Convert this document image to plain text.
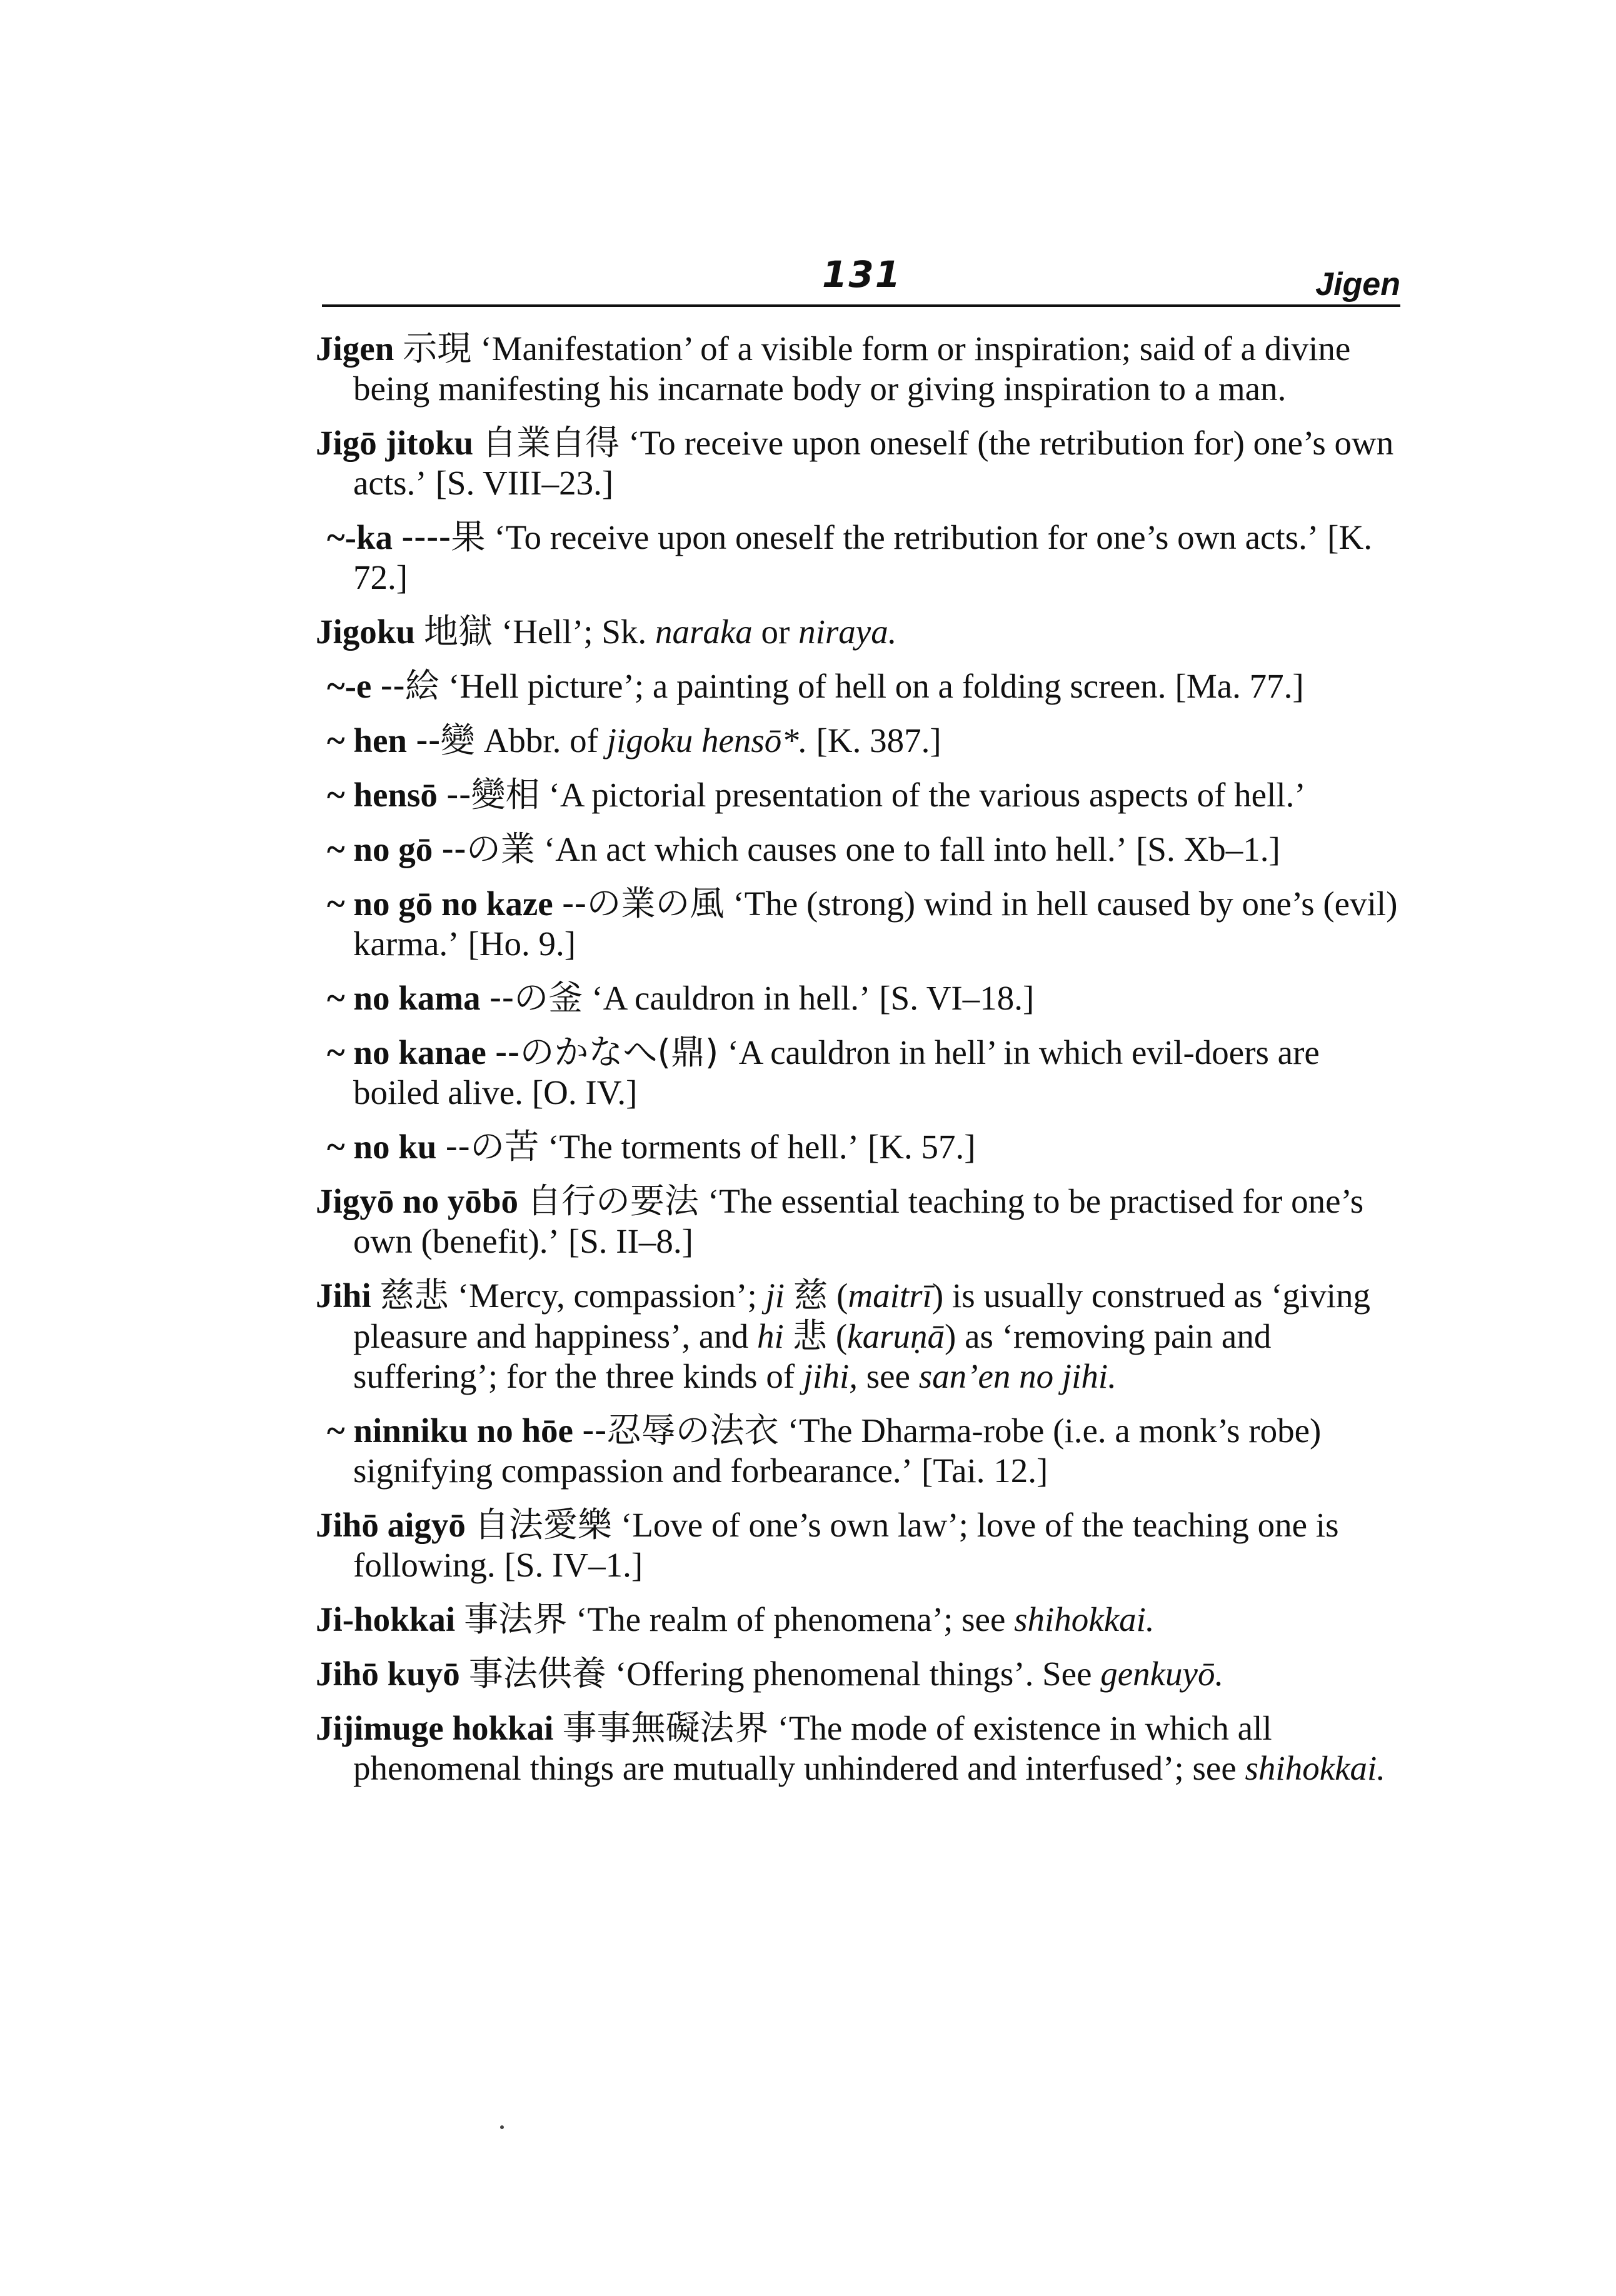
131	Jigen

Jigen 示現 ‘Manifestation’ of a visible form or inspiration; said of a divine being manifesting his incarnate body or giving inspiration to a man.

Jigō jitoku 自業自得 ‘To receive upon oneself (the retribution for) one’s own acts.’ [S. VIII–23.]

~-ka ----果 ‘To receive upon oneself the retribution for one’s own acts.’ [K. 72.]

Jigoku 地獄 ‘Hell’; Sk. naraka or niraya.

~-e --絵 ‘Hell picture’; a painting of hell on a folding screen. [Ma. 77.]

~ hen --變 Abbr. of jigoku hensō*. [K. 387.]

~ hensō --變相 ‘A pictorial presentation of the various aspects of hell.’

~ no gō --の業 ‘An act which causes one to fall into hell.’ [S. Xb–1.]

~ no gō no kaze --の業の風 ‘The (strong) wind in hell caused by one’s (evil) karma.’ [Ho. 9.]

~ no kama --の釜 ‘A cauldron in hell.’ [S. VI–18.]

~ no kanae --のかなへ(鼎) ‘A cauldron in hell’ in which evil-doers are boiled alive. [O. IV.]

~ no ku --の苦 ‘The torments of hell.’ [K. 57.]

Jigyō no yōbō 自行の要法 ‘The essential teaching to be practised for one’s own (benefit).’ [S. II–8.]

Jihi 慈悲 ‘Mercy, compassion’; ji 慈 (maitrī) is usually construed as ‘giving pleasure and happiness’, and hi 悲 (karuṇā) as ‘removing pain and suffering’; for the three kinds of jihi, see san’en no jihi.

~ ninniku no hōe --忍辱の法衣 ‘The Dharma-robe (i.e. a monk’s robe) signifying compassion and forbearance.’ [Tai. 12.]

Jihō aigyō 自法愛樂 ‘Love of one’s own law’; love of the teaching one is following. [S. IV–1.]

Ji-hokkai 事法界 ‘The realm of phenomena’; see shihokkai.

Jihō kuyō 事法供養 ‘Offering phenomenal things’. See genkuyō.

Jijimuge hokkai 事事無礙法界 ‘The mode of existence in which all phenomenal things are mutually unhindered and interfused’; see shihokkai.
